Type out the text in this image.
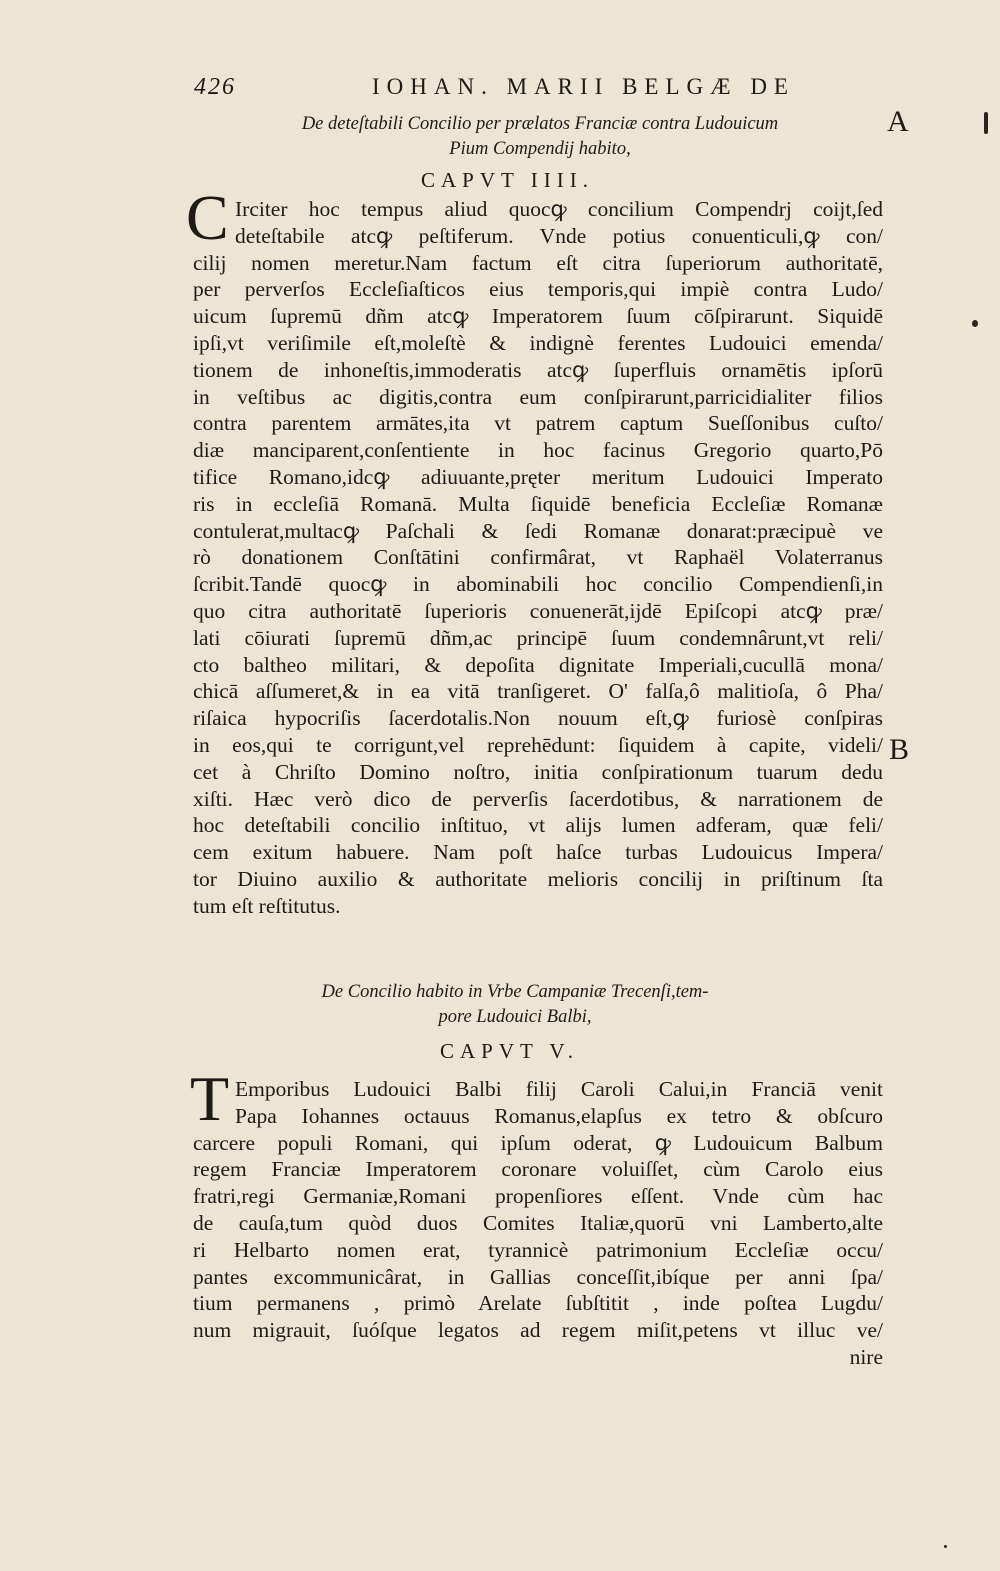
426	IOHAN. MARII BELGÆ DE
A
B
De deteſtabili Concilio per prælatos Franciæ contra Ludouicum
Pium Compendij habito,
CAPVT IIII.
C Irciter hoc tempus aliud quocꝙ concilium Compendrj coijt,ſed
deteſtabile atcꝙ peſtiferum. Vnde potius conuenticuli,ꝙ con/
cilij nomen meretur.Nam factum eſt citra ſuperiorum authoritatē,
per perverſos Eccleſiaſticos eius temporis,qui impiè contra Ludo/
uicum ſupremū dñm atcꝙ Imperatorem ſuum cōſpirarunt. Siquidē
ipſi,vt veriſimile eſt,moleſtè & indignè ferentes Ludouici emenda/
tionem de inhoneſtis,immoderatis atcꝙ ſuperfluis ornamētis ipſorū
in veſtibus ac digitis,contra eum conſpirarunt,parricidialiter filios
contra parentem armātes,ita vt patrem captum Sueſſonibus cuſto/
diæ manciparent,conſentiente in hoc facinus Gregorio quarto,Pō
tifice Romano,idcꝙ adiuuante,pręter meritum Ludouici Imperato
ris in eccleſiā Romanā. Multa ſiquidē beneficia Eccleſiæ Romanæ
contulerat,multacꝙ Paſchali & ſedi Romanæ donarat:præcipuè ve
rò donationem Conſtātini confirmârat, vt Raphaël Volaterranus
ſcribit.Tandē quocꝙ in abominabili hoc concilio Compendienſi,in
quo citra authoritatē ſuperioris conuenerāt,ijdē Epiſcopi atcꝙ præ/
lati cōiurati ſupremū dñm,ac principē ſuum condemnârunt,vt reli/
cto baltheo militari, & depoſita dignitate Imperiali,cucullā mona/
chicā aſſumeret,& in ea vitā tranſigeret. O' falſa,ô malitioſa, ô Pha/
riſaica hypocriſis ſacerdotalis.Non nouum eſt,ꝙ furiosè conſpiras
in eos,qui te corrigunt,vel reprehēdunt: ſiquidem à capite, videli/
cet à Chriſto Domino noſtro, initia conſpirationum tuarum dedu
xiſti. Hæc verò dico de perverſis ſacerdotibus, & narrationem de
hoc deteſtabili concilio inſtituo, vt alijs lumen adferam, quæ feli/
cem exitum habuere. Nam poſt haſce turbas Ludouicus Impera/
tor Diuino auxilio & authoritate melioris concilij in priſtinum ſta
tum eſt reſtitutus.
De Concilio habito in Vrbe Campaniæ Trecenſi,tem-
pore Ludouici Balbi,
CAPVT V.
T Emporibus Ludouici Balbi filij Caroli Calui,in Franciā venit
Papa Iohannes octauus Romanus,elapſus ex tetro & obſcuro
carcere populi Romani, qui ipſum oderat, ꝙ Ludouicum Balbum
regem Franciæ Imperatorem coronare voluiſſet, cùm Carolo eius
fratri,regi Germaniæ,Romani propenſiores eſſent. Vnde cùm hac
de cauſa,tum quòd duos Comites Italiæ,quorū vni Lamberto,alte
ri Helbarto nomen erat, tyrannicè patrimonium Eccleſiæ occu/
pantes excommunicârat, in Gallias conceſſit,ibíque per anni ſpa/
tium permanens , primò Arelate ſubſtitit , inde poſtea Lugdu/
num migrauit, ſuóſque legatos ad regem miſit,petens vt illuc ve/
nire
